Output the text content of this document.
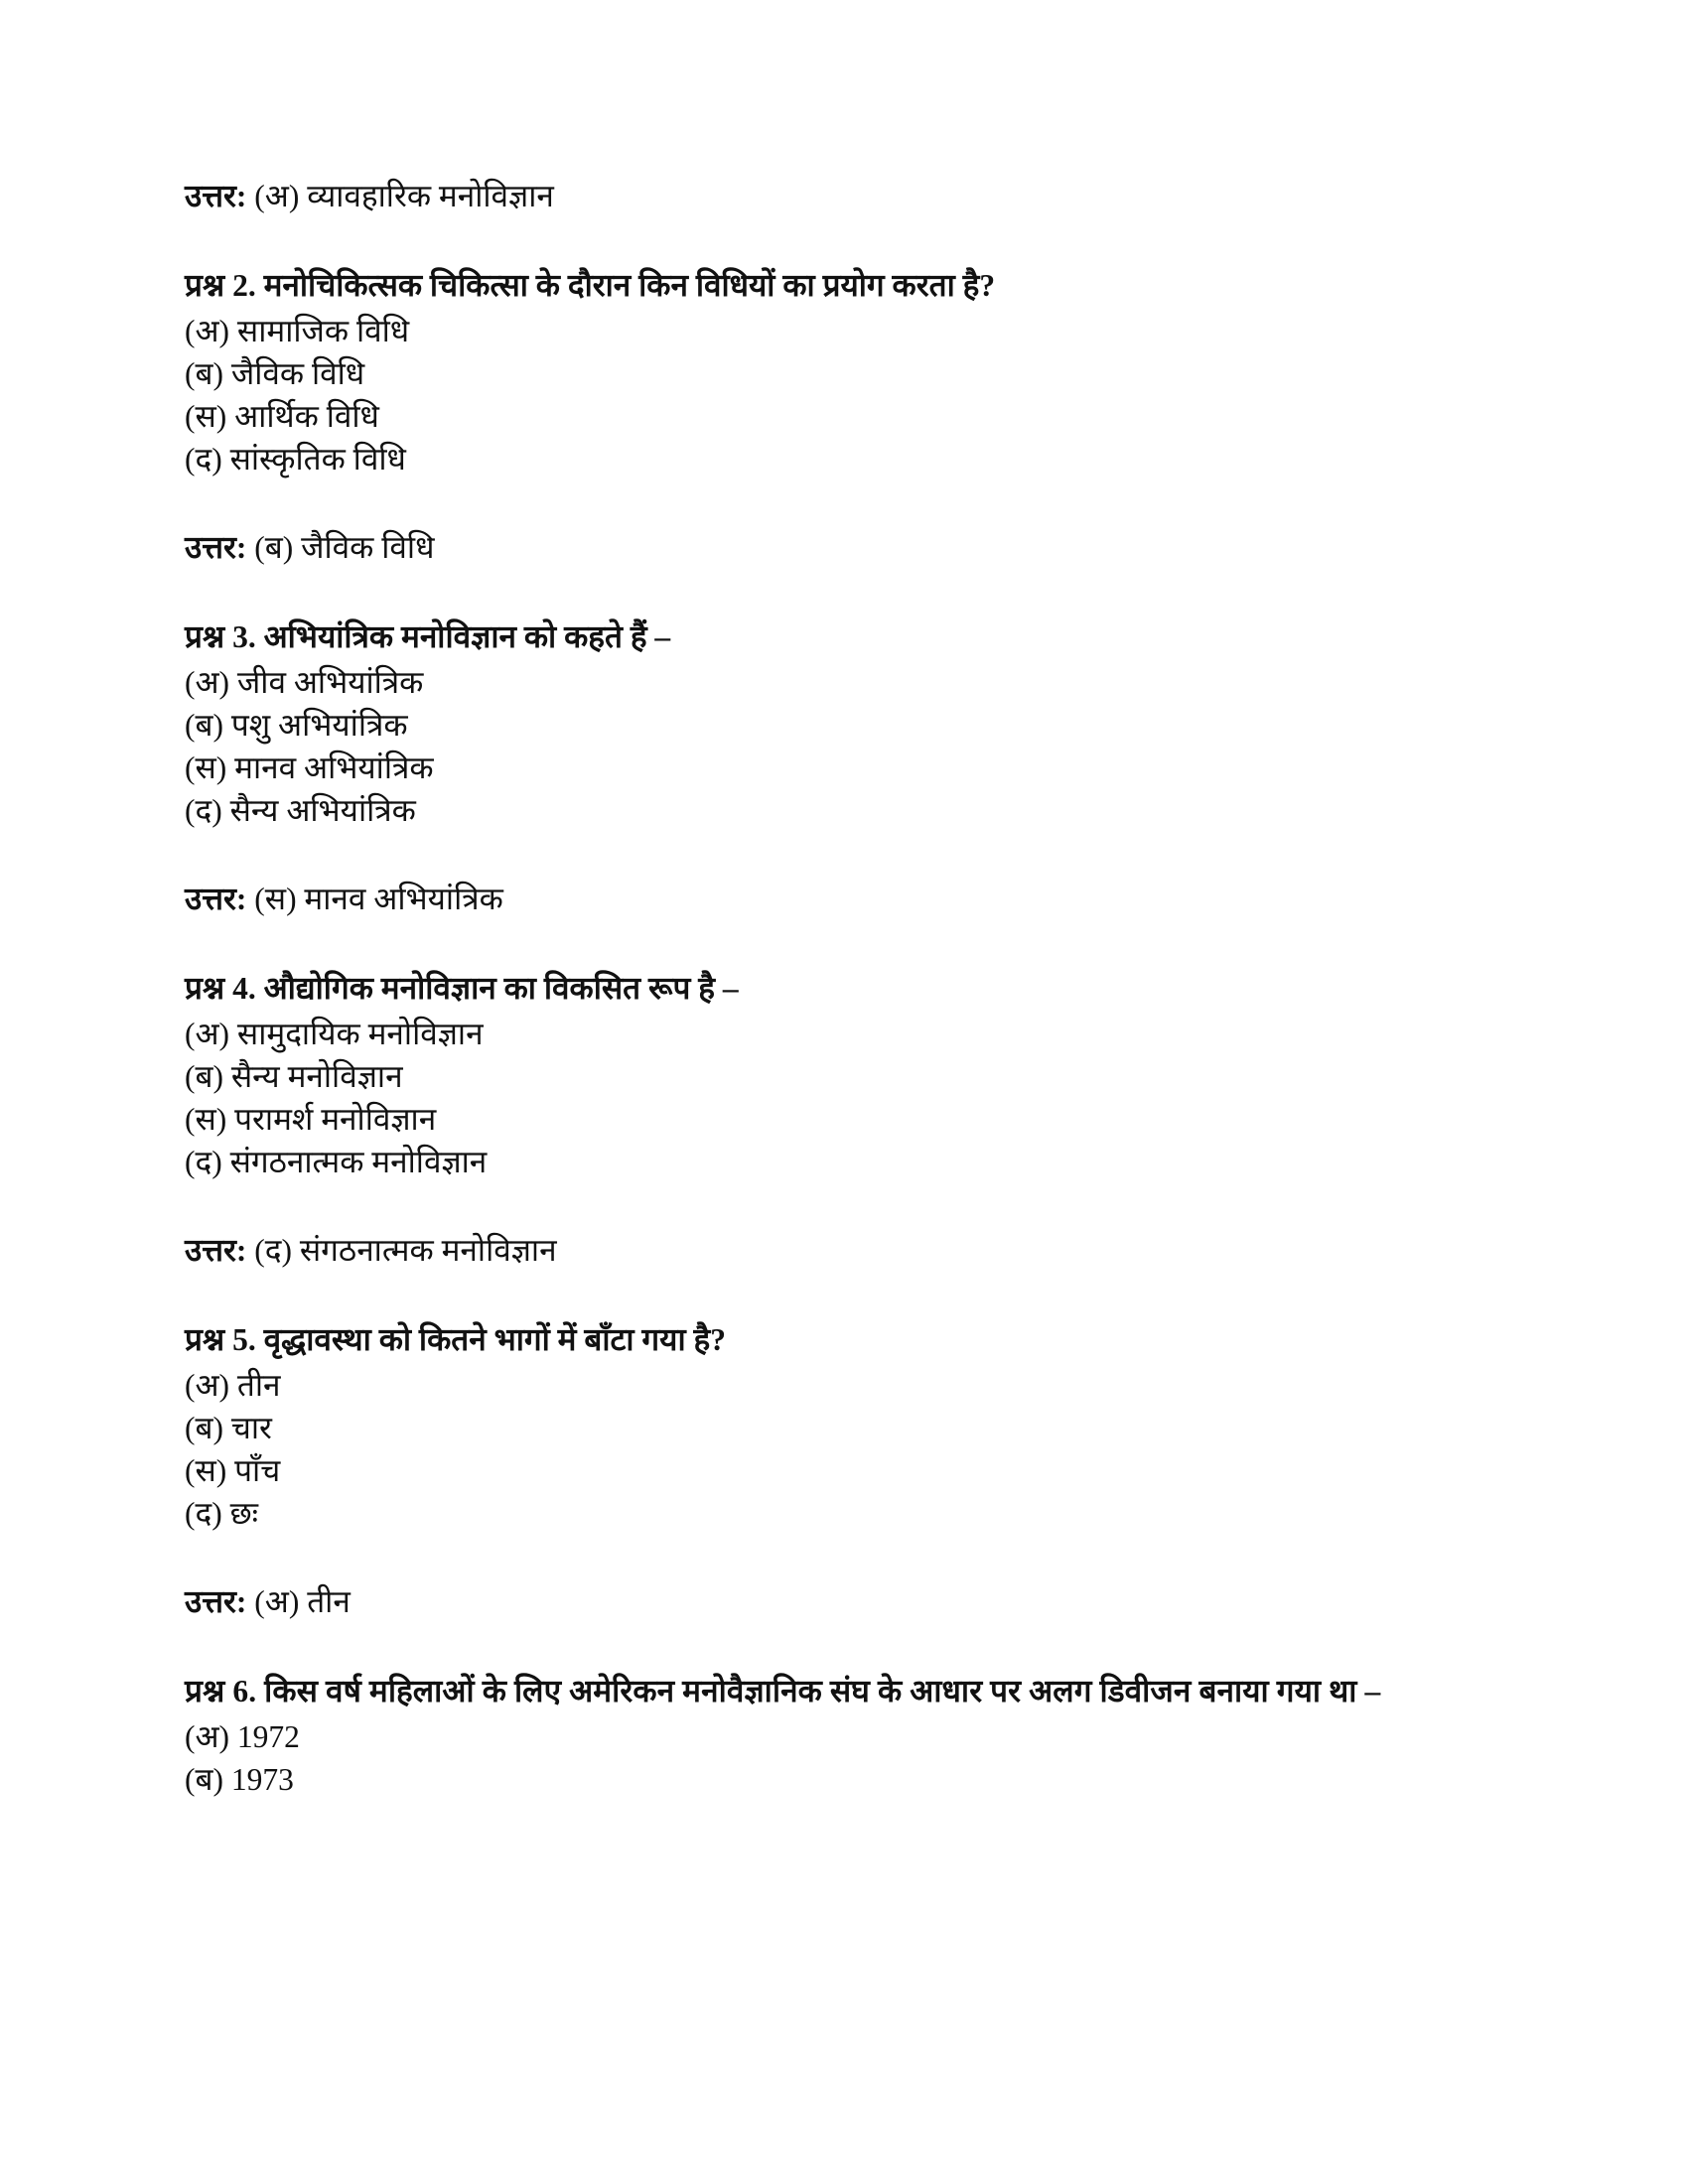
उत्तर: (अ) व्यावहारिक मनोविज्ञान
प्रश्न 2. मनोचिकित्सक चिकित्सा के दौरान किन विधियों का प्रयोग करता है?
(अ) सामाजिक विधि
(ब) जैविक विधि
(स) आर्थिक विधि
(द) सांस्कृतिक विधि
उत्तर: (ब) जैविक विधि
प्रश्न 3. अभियांत्रिक मनोविज्ञान को कहते हैं –
(अ) जीव अभियांत्रिक
(ब) पशु अभियांत्रिक
(स) मानव अभियांत्रिक
(द) सैन्य अभियांत्रिक
उत्तर: (स) मानव अभियांत्रिक
प्रश्न 4. औद्योगिक मनोविज्ञान का विकसित रूप है –
(अ) सामुदायिक मनोविज्ञान
(ब) सैन्य मनोविज्ञान
(स) परामर्श मनोविज्ञान
(द) संगठनात्मक मनोविज्ञान
उत्तर: (द) संगठनात्मक मनोविज्ञान
प्रश्न 5. वृद्धावस्था को कितने भागों में बाँटा गया है?
(अ) तीन
(ब) चार
(स) पाँच
(द) छः
उत्तर: (अ) तीन
प्रश्न 6. किस वर्ष महिलाओं के लिए अमेरिकन मनोवैज्ञानिक संघ के आधार पर अलग डिवीजन बनाया गया था –
(अ) 1972
(ब) 1973
